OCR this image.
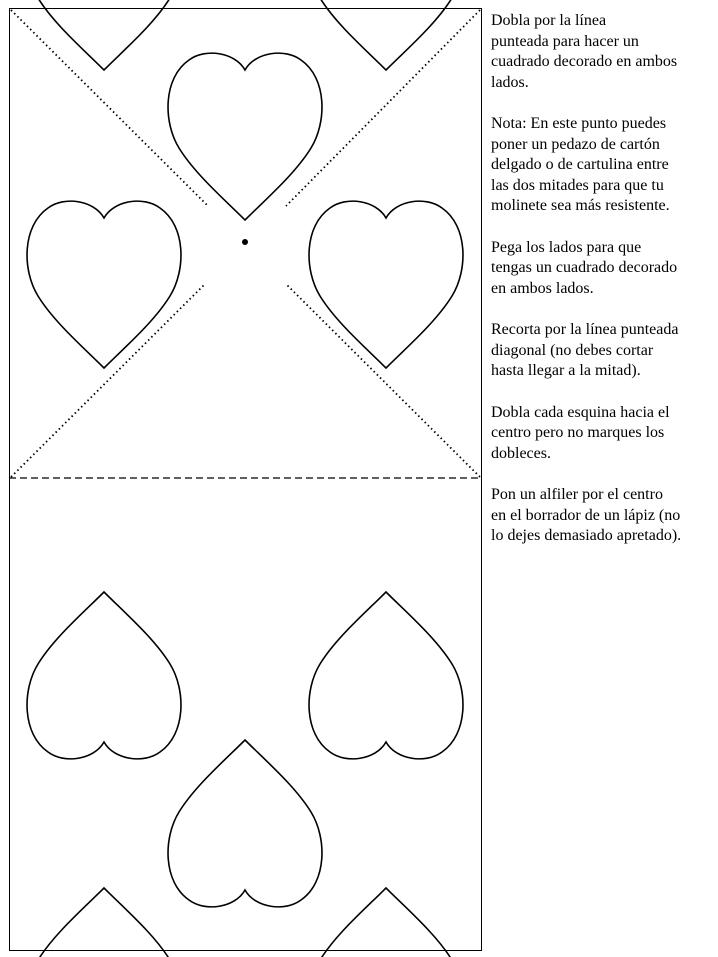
Dobla por la línea
punteada para hacer un
cuadrado decorado en ambos
lados.

Nota: En este punto puedes
poner un pedazo de cartón
delgado o de cartulina entre
las dos mitades para que tu
molinete sea más resistente.

Pega los lados para que
tengas un cuadrado decorado
en ambos lados.

Recorta por la línea punteada
diagonal (no debes cortar
hasta llegar a la mitad).

Dobla cada esquina hacia el
centro pero no marques los
dobleces.

Pon un alfiler por el centro
en el borrador de un lápiz (no
lo dejes demasiado apretado).
